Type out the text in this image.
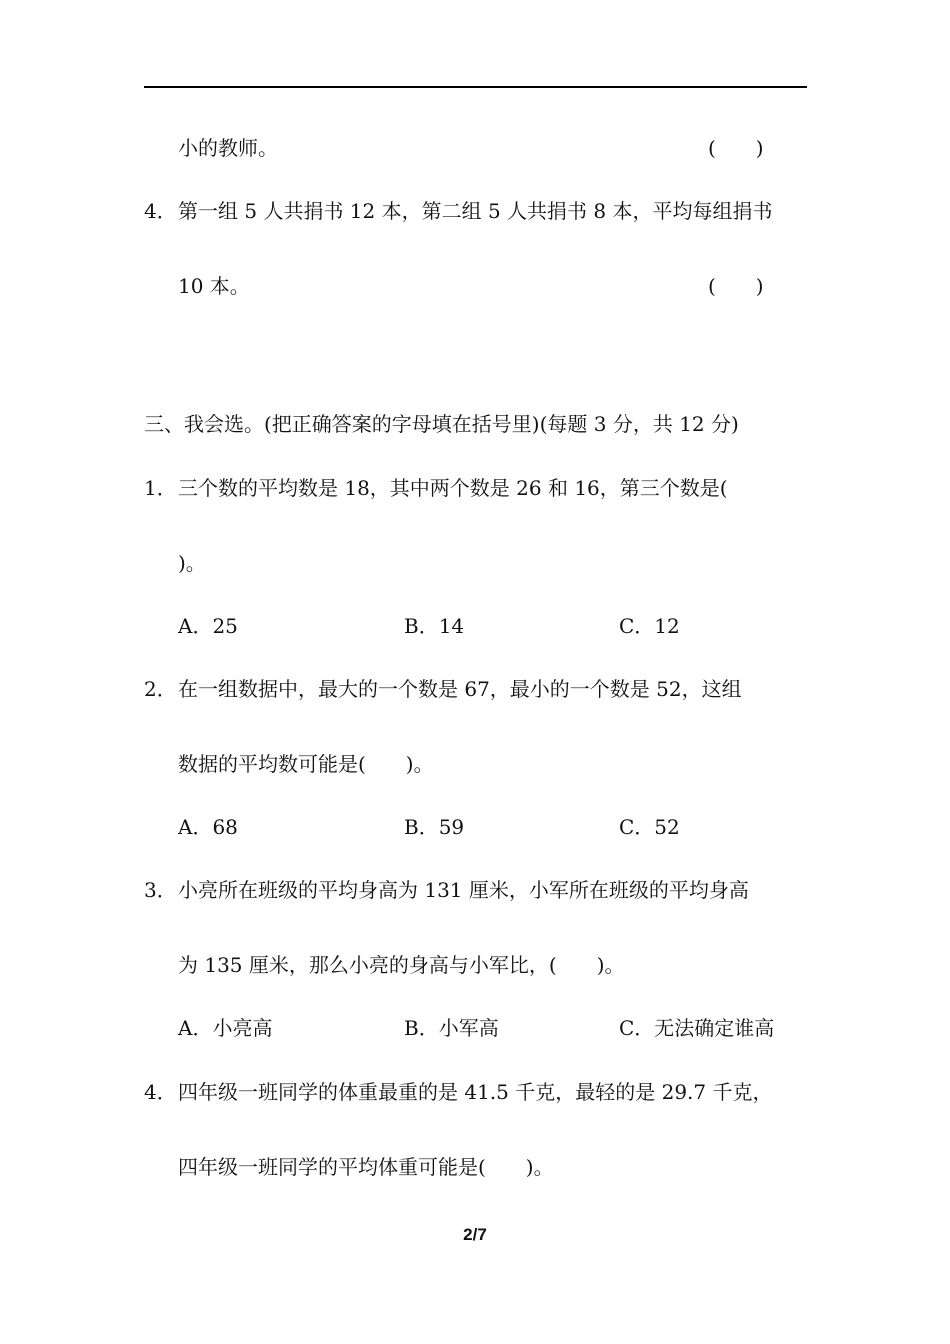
小的教师。	(　　)
4． 第一组 5 人共捐书 12 本，第二组 5 人共捐书 8 本，平均每组捐书
10 本。	(　　)
三、我会选。(把正确答案的字母填在括号里)(每题 3 分，共 12 分)
1． 三个数的平均数是 18，其中两个数是 26 和 16，第三个数是(
)。
A．25	B．14	C．12
2． 在一组数据中，最大的一个数是 67，最小的一个数是 52，这组
数据的平均数可能是(　　)。
A．68	B．59	C．52
3． 小亮所在班级的平均身高为 131 厘米，小军所在班级的平均身高
为 135 厘米，那么小亮的身高与小军比，(　　)。
A．小亮高	B．小军高	C．无法确定谁高
4． 四年级一班同学的体重最重的是 41.5 千克，最轻的是 29.7 千克，
四年级一班同学的平均体重可能是(　　)。
2/7
